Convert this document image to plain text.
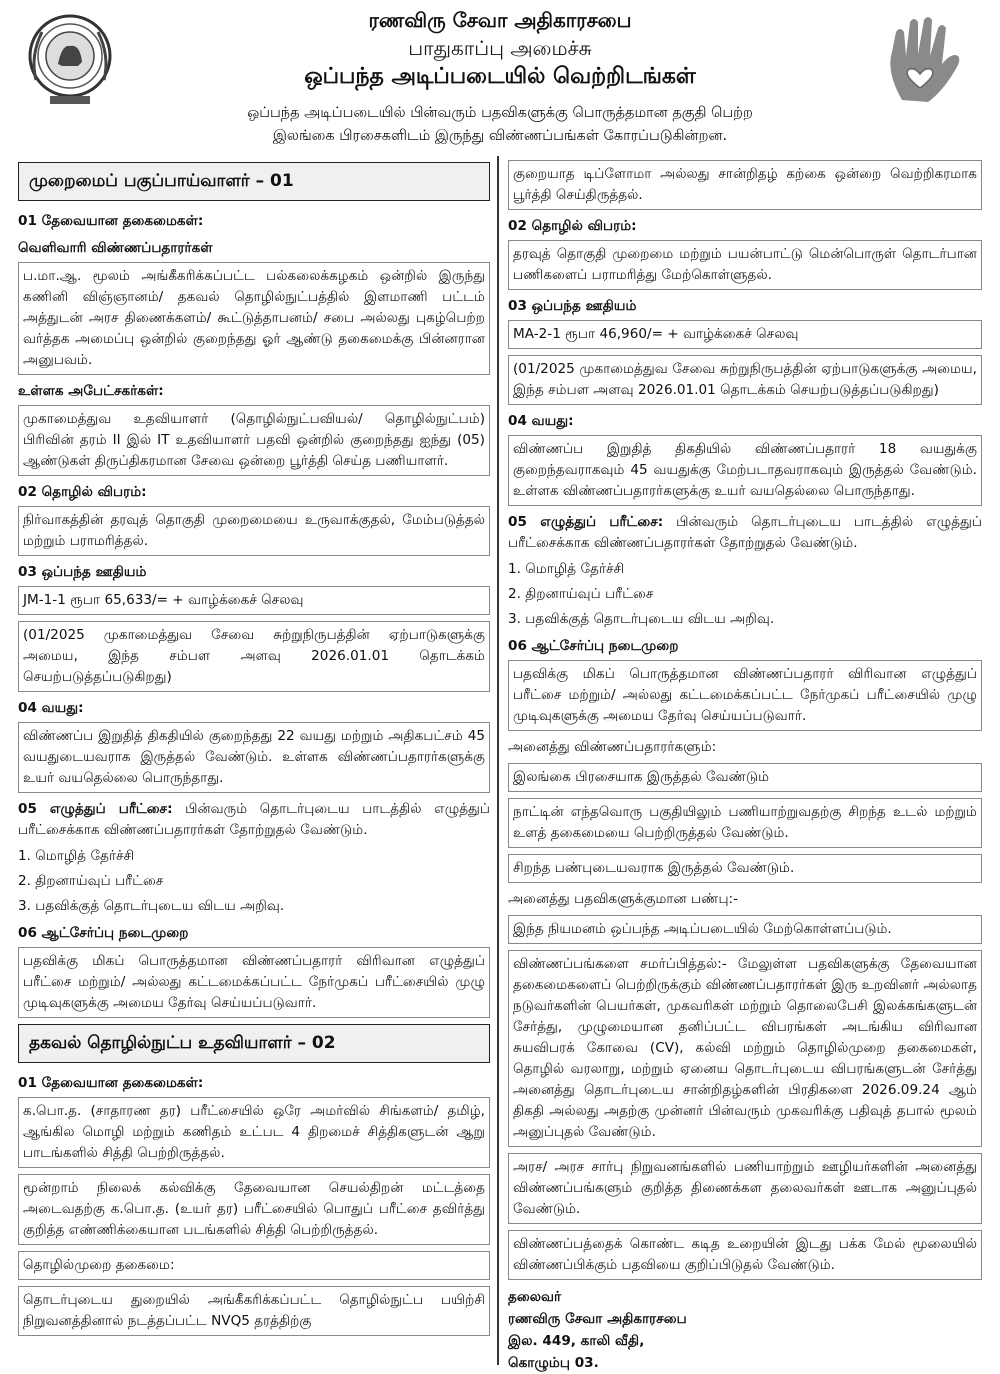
ரணவிரு சேவா அதிகாரசபை
பாதுகாப்பு அமைச்சு
ஒப்பந்த அடிப்படையில் வெற்றிடங்கள்
ஒப்பந்த அடிப்படையில் பின்வரும் பதவிகளுக்கு பொருத்தமான தகுதி பெற்ற
இலங்கை பிரசைகளிடம் இருந்து விண்ணப்பங்கள் கோரப்படுகின்றன.
முறைமைப் பகுப்பாய்வாளர் – 01
01 தேவையான தகைமைகள்:
வெளிவாரி விண்ணப்பதாரர்கள்
ப.மா.ஆ. மூலம் அங்கீகரிக்கப்பட்ட பல்கலைக்கழகம் ஒன்றில் இருந்து கணினி விஞ்ஞானம்/ தகவல் தொழில்நுட்பத்தில் இளமாணி பட்டம் அத்துடன் அரச திணைக்களம்/ கூட்டுத்தாபனம்/ சபை அல்லது புகழ்பெற்ற வர்த்தக அமைப்பு ஒன்றில் குறைந்தது ஓர் ஆண்டு தகைமைக்கு பின்னரான அனுபவம்.
உள்ளக அபேட்சகர்கள்:
முகாமைத்துவ உதவியாளர் (தொழில்நுட்பவியல்/ தொழில்நுட்பம்) பிரிவின் தரம் II இல் IT உதவியாளர் பதவி ஒன்றில் குறைந்தது ஐந்து (05) ஆண்டுகள் திருப்திகரமான சேவை ஒன்றை பூர்த்தி செய்த பணியாளர்.
02 தொழில் விபரம்:
நிர்வாகத்தின் தரவுத் தொகுதி முறைமையை உருவாக்குதல், மேம்படுத்தல் மற்றும் பராமரித்தல்.
03 ஒப்பந்த ஊதியம்
JM-1-1 ரூபா 65,633/= + வாழ்க்கைச் செலவு
(01/2025 முகாமைத்துவ சேவை சுற்றுநிருபத்தின் ஏற்பாடுகளுக்கு அமைய, இந்த சம்பள அளவு 2026.01.01 தொடக்கம் செயற்படுத்தப்படுகிறது)
04 வயது:
விண்ணப்ப இறுதித் திகதியில் குறைந்தது 22 வயது மற்றும் அதிகபட்சம் 45 வயதுடையவராக இருத்தல் வேண்டும். உள்ளக விண்ணப்பதாரர்களுக்கு உயர் வயதெல்லை பொருந்தாது.
05 எழுத்துப் பரீட்சை: பின்வரும் தொடர்புடைய பாடத்தில் எழுத்துப் பரீட்சைக்காக விண்ணப்பதாரர்கள் தோற்றுதல் வேண்டும்.
1. மொழித் தேர்ச்சி
2. திறனாய்வுப் பரீட்சை
3. பதவிக்குத் தொடர்புடைய விடய அறிவு.
06 ஆட்சேர்ப்பு நடைமுறை
பதவிக்கு மிகப் பொருத்தமான விண்ணப்பதாரர் விரிவான எழுத்துப் பரீட்சை மற்றும்/ அல்லது கட்டமைக்கப்பட்ட நேர்முகப் பரீட்சையில் முழு முடிவுகளுக்கு அமைய தேர்வு செய்யப்படுவார்.
தகவல் தொழில்நுட்ப உதவியாளர் – 02
01 தேவையான தகைமைகள்:
க.பொ.த. (சாதாரண தர) பரீட்சையில் ஒரே அமர்வில் சிங்களம்/ தமிழ், ஆங்கில மொழி மற்றும் கணிதம் உட்பட 4 திறமைச் சித்திகளுடன் ஆறு பாடங்களில் சித்தி பெற்றிருத்தல்.
மூன்றாம் நிலைக் கல்விக்கு தேவையான செயல்திறன் மட்டத்தை அடைவதற்கு க.பொ.த. (உயர் தர) பரீட்சையில் பொதுப் பரீட்சை தவிர்த்து குறித்த எண்ணிக்கையான படங்களில் சித்தி பெற்றிருத்தல்.
தொழில்முறை தகைமை:
தொடர்புடைய துறையில் அங்கீகரிக்கப்பட்ட தொழில்நுட்ப பயிற்சி நிறுவனத்தினால் நடத்தப்பட்ட NVQ5 தரத்திற்கு
குறையாத டிப்ளோமா அல்லது சான்றிதழ் கற்கை ஒன்றை வெற்றிகரமாக பூர்த்தி செய்திருத்தல்.
02 தொழில் விபரம்:
தரவுத் தொகுதி முறைமை மற்றும் பயன்பாட்டு மென்பொருள் தொடர்பான பணிகளைப் பராமரித்து மேற்கொள்ளுதல்.
03 ஒப்பந்த ஊதியம்
MA-2-1 ரூபா 46,960/= + வாழ்க்கைச் செலவு
(01/2025 முகாமைத்துவ சேவை சுற்றுநிருபத்தின் ஏற்பாடுகளுக்கு அமைய, இந்த சம்பள அளவு 2026.01.01 தொடக்கம் செயற்படுத்தப்படுகிறது)
04 வயது:
விண்ணப்ப இறுதித் திகதியில் விண்ணப்பதாரர் 18 வயதுக்கு குறைந்தவராகவும் 45 வயதுக்கு மேற்படாதவராகவும் இருத்தல் வேண்டும். உள்ளக விண்ணப்பதாரர்களுக்கு உயர் வயதெல்லை பொருந்தாது.
05 எழுத்துப் பரீட்சை: பின்வரும் தொடர்புடைய பாடத்தில் எழுத்துப் பரீட்சைக்காக விண்ணப்பதாரர்கள் தோற்றுதல் வேண்டும்.
1. மொழித் தேர்ச்சி
2. திறனாய்வுப் பரீட்சை
3. பதவிக்குத் தொடர்புடைய விடய அறிவு.
06 ஆட்சேர்ப்பு நடைமுறை
பதவிக்கு மிகப் பொருத்தமான விண்ணப்பதாரர் விரிவான எழுத்துப் பரீட்சை மற்றும்/ அல்லது கட்டமைக்கப்பட்ட நேர்முகப் பரீட்சையில் முழு முடிவுகளுக்கு அமைய தேர்வு செய்யப்படுவார்.
அனைத்து விண்ணப்பதாரர்களும்:
இலங்கை பிரசையாக இருத்தல் வேண்டும்
நாட்டின் எந்தவொரு பகுதியிலும் பணியாற்றுவதற்கு சிறந்த உடல் மற்றும் உளத் தகைமையை பெற்றிருத்தல் வேண்டும்.
சிறந்த பண்புடையவராக இருத்தல் வேண்டும்.
அனைத்து பதவிகளுக்குமான பண்பு:-
இந்த நியமனம் ஒப்பந்த அடிப்படையில் மேற்கொள்ளப்படும்.
விண்ணப்பங்களை சமர்ப்பித்தல்:- மேலுள்ள பதவிகளுக்கு தேவையான தகைமைகளைப் பெற்றிருக்கும் விண்ணப்பதாரர்கள் இரு உறவினர் அல்லாத நடுவர்களின் பெயர்கள், முகவரிகள் மற்றும் தொலைபேசி இலக்கங்களுடன் சேர்த்து, முழுமையான தனிப்பட்ட விபரங்கள் அடங்கிய விரிவான சுயவிபரக் கோவை (CV), கல்வி மற்றும் தொழில்முறை தகைமைகள், தொழில் வரலாறு, மற்றும் ஏனைய தொடர்புடைய விபரங்களுடன் சேர்த்து அனைத்து தொடர்புடைய சான்றிதழ்களின் பிரதிகளை 2026.09.24 ஆம் திகதி அல்லது அதற்கு முன்னர் பின்வரும் முகவரிக்கு பதிவுத் தபால் மூலம் அனுப்புதல் வேண்டும்.
அரச/ அரச சார்பு நிறுவனங்களில் பணியாற்றும் ஊழியர்களின் அனைத்து விண்ணப்பங்களும் குறித்த திணைக்கள தலைவர்கள் ஊடாக அனுப்புதல் வேண்டும்.
விண்ணப்பத்தைக் கொண்ட கடித உறையின் இடது பக்க மேல் மூலையில் விண்ணப்பிக்கும் பதவியை குறிப்பிடுதல் வேண்டும்.
தலைவர்
ரணவிரு சேவா அதிகாரசபை
இல. 449, காலி வீதி,
கொழும்பு 03.
